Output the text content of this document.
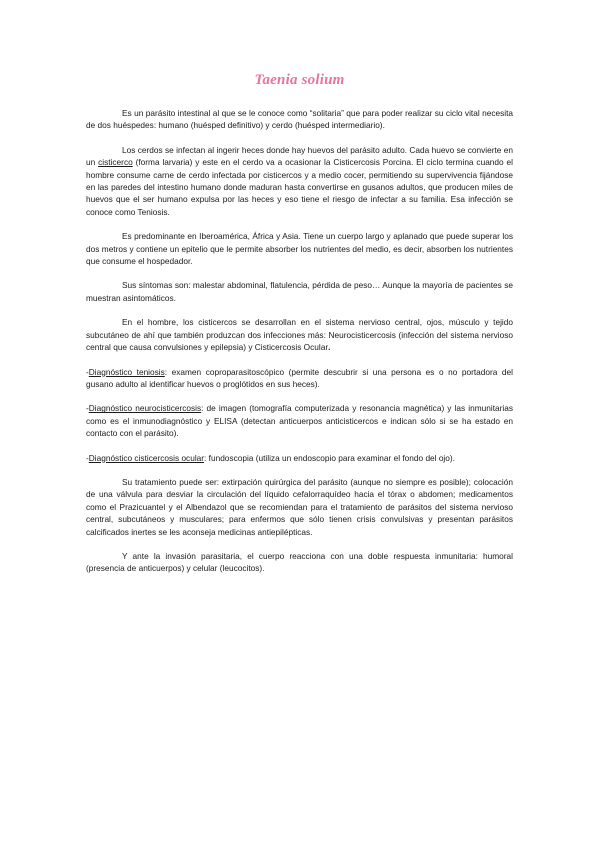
Taenia solium

Es un parásito intestinal al que se le conoce como “solitaria” que para poder realizar su ciclo vital necesita de dos huéspedes: humano (huésped definitivo) y cerdo (huésped intermediario).

Los cerdos se infectan al ingerir heces donde hay huevos del parásito adulto. Cada huevo se convierte en un cisticerco (forma larvaria) y este en el cerdo va a ocasionar la Cisticercosis Porcina. El ciclo termina cuando el hombre consume carne de cerdo infectada por cisticercos y a medio cocer, permitiendo su supervivencia fijándose en las paredes del intestino humano donde maduran hasta convertirse en gusanos adultos, que producen miles de huevos que el ser humano expulsa por las heces y eso tiene el riesgo de infectar a su familia. Esa infección se conoce como Teniosis.

Es predominante en Iberoamérica, África y Asia. Tiene un cuerpo largo y aplanado que puede superar los dos metros y contiene un epitelio que le permite absorber los nutrientes del medio, es decir, absorben los nutrientes que consume el hospedador.

Sus síntomas son: malestar abdominal, flatulencia, pérdida de peso… Aunque la mayoría de pacientes se muestran asintomáticos.

En el hombre, los cisticercos se desarrollan en el sistema nervioso central, ojos, músculo y tejido subcutáneo de ahí que también produzcan dos infecciones más: Neurocisticercosis (infección del sistema nervioso central que causa convulsiones y epilepsia) y Cisticercosis Ocular.

-Diagnóstico teniosis: examen coproparasitoscópico (permite descubrir si una persona es o no portadora del gusano adulto al identificar huevos o proglótidos en sus heces).

-Diagnóstico neurocisticercosis: de imagen (tomografía computerizada y resonancia magnética) y las inmunitarias como es el inmunodiagnóstico y ELISA (detectan anticuerpos anticisticercos e indican sólo si se ha estado en contacto con el parásito).

-Diagnóstico cisticercosis ocular: fundoscopia (utiliza un endoscopio para examinar el fondo del ojo).

Su tratamiento puede ser: extirpación quirúrgica del parásito (aunque no siempre es posible); colocación de una válvula para desviar la circulación del líquido cefalorraquídeo hacia el tórax o abdomen; medicamentos como el Prazicuantel y el Albendazol que se recomiendan para el tratamiento de parásitos del sistema nervioso central, subcutáneos y musculares; para enfermos que sólo tienen crisis convulsivas y presentan parásitos calcificados inertes se les aconseja medicinas antiepilépticas.

Y ante la invasión parasitaria, el cuerpo reacciona con una doble respuesta inmunitaria: humoral (presencia de anticuerpos) y celular (leucocitos).
